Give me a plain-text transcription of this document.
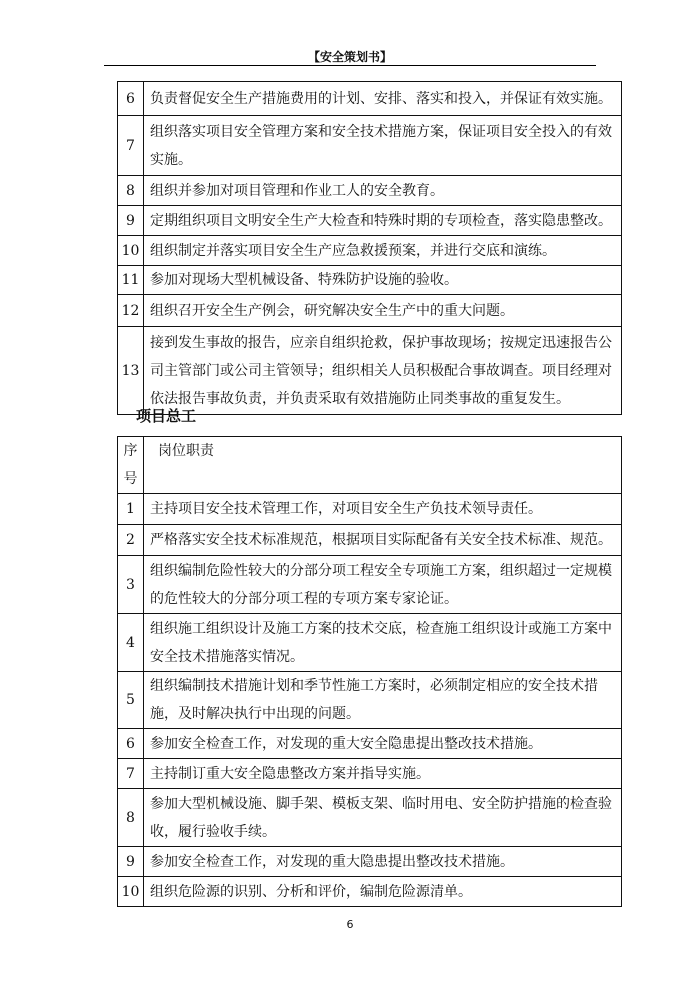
【安全策划书】
6	负责督促安全生产措施费用的计划、安排、落实和投入，并保证有效实施。
7	组织落实项目安全管理方案和安全技术措施方案，保证项目安全投入的有效实施。
8	组织并参加对项目管理和作业工人的安全教育。
9	定期组织项目文明安全生产大检查和特殊时期的专项检查，落实隐患整改。
10	组织制定并落实项目安全生产应急救援预案，并进行交底和演练。
11	参加对现场大型机械设备、特殊防护设施的验收。
12	组织召开安全生产例会，研究解决安全生产中的重大问题。
13	接到发生事故的报告，应亲自组织抢救，保护事故现场；按规定迅速报告公司主管部门或公司主管领导；组织相关人员积极配合事故调查。项目经理对依法报告事故负责，并负责采取有效措施防止同类事故的重复发生。
项目总工
序号	岗位职责
1	主持项目安全技术管理工作，对项目安全生产负技术领导责任。
2	严格落实安全技术标准规范，根据项目实际配备有关安全技术标准、规范。
3	组织编制危险性较大的分部分项工程安全专项施工方案，组织超过一定规模的危性较大的分部分项工程的专项方案专家论证。
4	组织施工组织设计及施工方案的技术交底，检查施工组织设计或施工方案中安全技术措施落实情况。
5	组织编制技术措施计划和季节性施工方案时，必须制定相应的安全技术措施，及时解决执行中出现的问题。
6	参加安全检查工作，对发现的重大安全隐患提出整改技术措施。
7	主持制订重大安全隐患整改方案并指导实施。
8	参加大型机械设施、脚手架、模板支架、临时用电、安全防护措施的检查验收，履行验收手续。
9	参加安全检查工作，对发现的重大隐患提出整改技术措施。
10	组织危险源的识别、分析和评价，编制危险源清单。
6
